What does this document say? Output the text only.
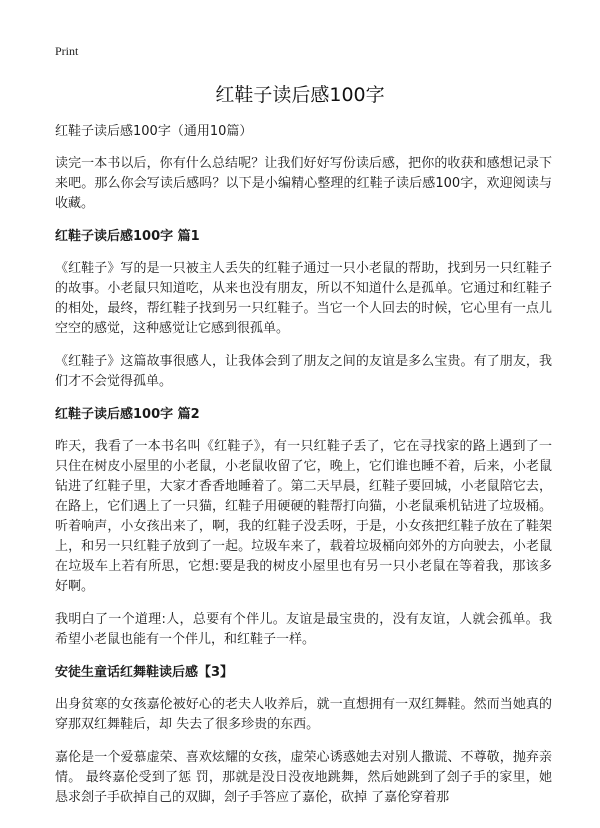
Print
红鞋子读后感100字
红鞋子读后感100字（通用10篇）

读完一本书以后，你有什么总结呢？让我们好好写份读后感，把你的收获和感想记录下来吧。那么你会写读后感吗？以下是小编精心整理的红鞋子读后感100字，欢迎阅读与收藏。

红鞋子读后感100字 篇1

《红鞋子》写的是一只被主人丢失的红鞋子通过一只小老鼠的帮助，找到另一只红鞋子的故事。小老鼠只知道吃，从来也没有朋友，所以不知道什么是孤单。它通过和红鞋子的相处，最终，帮红鞋子找到另一只红鞋子。当它一个人回去的时候，它心里有一点儿空空的感觉，这种感觉让它感到很孤单。

《红鞋子》这篇故事很感人，让我体会到了朋友之间的友谊是多么宝贵。有了朋友，我们才不会觉得孤单。

红鞋子读后感100字 篇2

昨天，我看了一本书名叫《红鞋子》，有一只红鞋子丢了，它在寻找家的路上遇到了一只住在树皮小屋里的小老鼠，小老鼠收留了它，晚上，它们谁也睡不着，后来，小老鼠钻进了红鞋子里，大家才香香地睡着了。第二天早晨，红鞋子要回城，小老鼠陪它去，在路上，它们遇上了一只猫，红鞋子用硬硬的鞋帮打向猫，小老鼠乘机钻进了垃圾桶。听着响声，小女孩出来了，啊，我的红鞋子没丢呀，于是，小女孩把红鞋子放在了鞋架上，和另一只红鞋子放到了一起。垃圾车来了，载着垃圾桶向郊外的方向驶去，小老鼠在垃圾车上若有所思，它想:要是我的树皮小屋里也有另一只小老鼠在等着我，那该多好啊。

我明白了一个道理:人，总要有个伴儿。友谊是最宝贵的，没有友谊，人就会孤单。我希望小老鼠也能有一个伴儿，和红鞋子一样。

安徒生童话红舞鞋读后感【3】

出身贫寒的女孩嘉伦被好心的老夫人收养后，就一直想拥有一双红舞鞋。然而当她真的穿那双红舞鞋后，却 失去了很多珍贵的东西。

嘉伦是一个爱慕虚荣、喜欢炫耀的女孩，虚荣心诱惑她去对别人撒谎、不尊敬，抛弃亲情。 最终嘉伦受到了惩 罚，那就是没日没夜地跳舞，然后她跳到了刽子手的家里，她恳求刽子手砍掉自己的双脚，刽子手答应了嘉伦，砍掉 了嘉伦穿着那
